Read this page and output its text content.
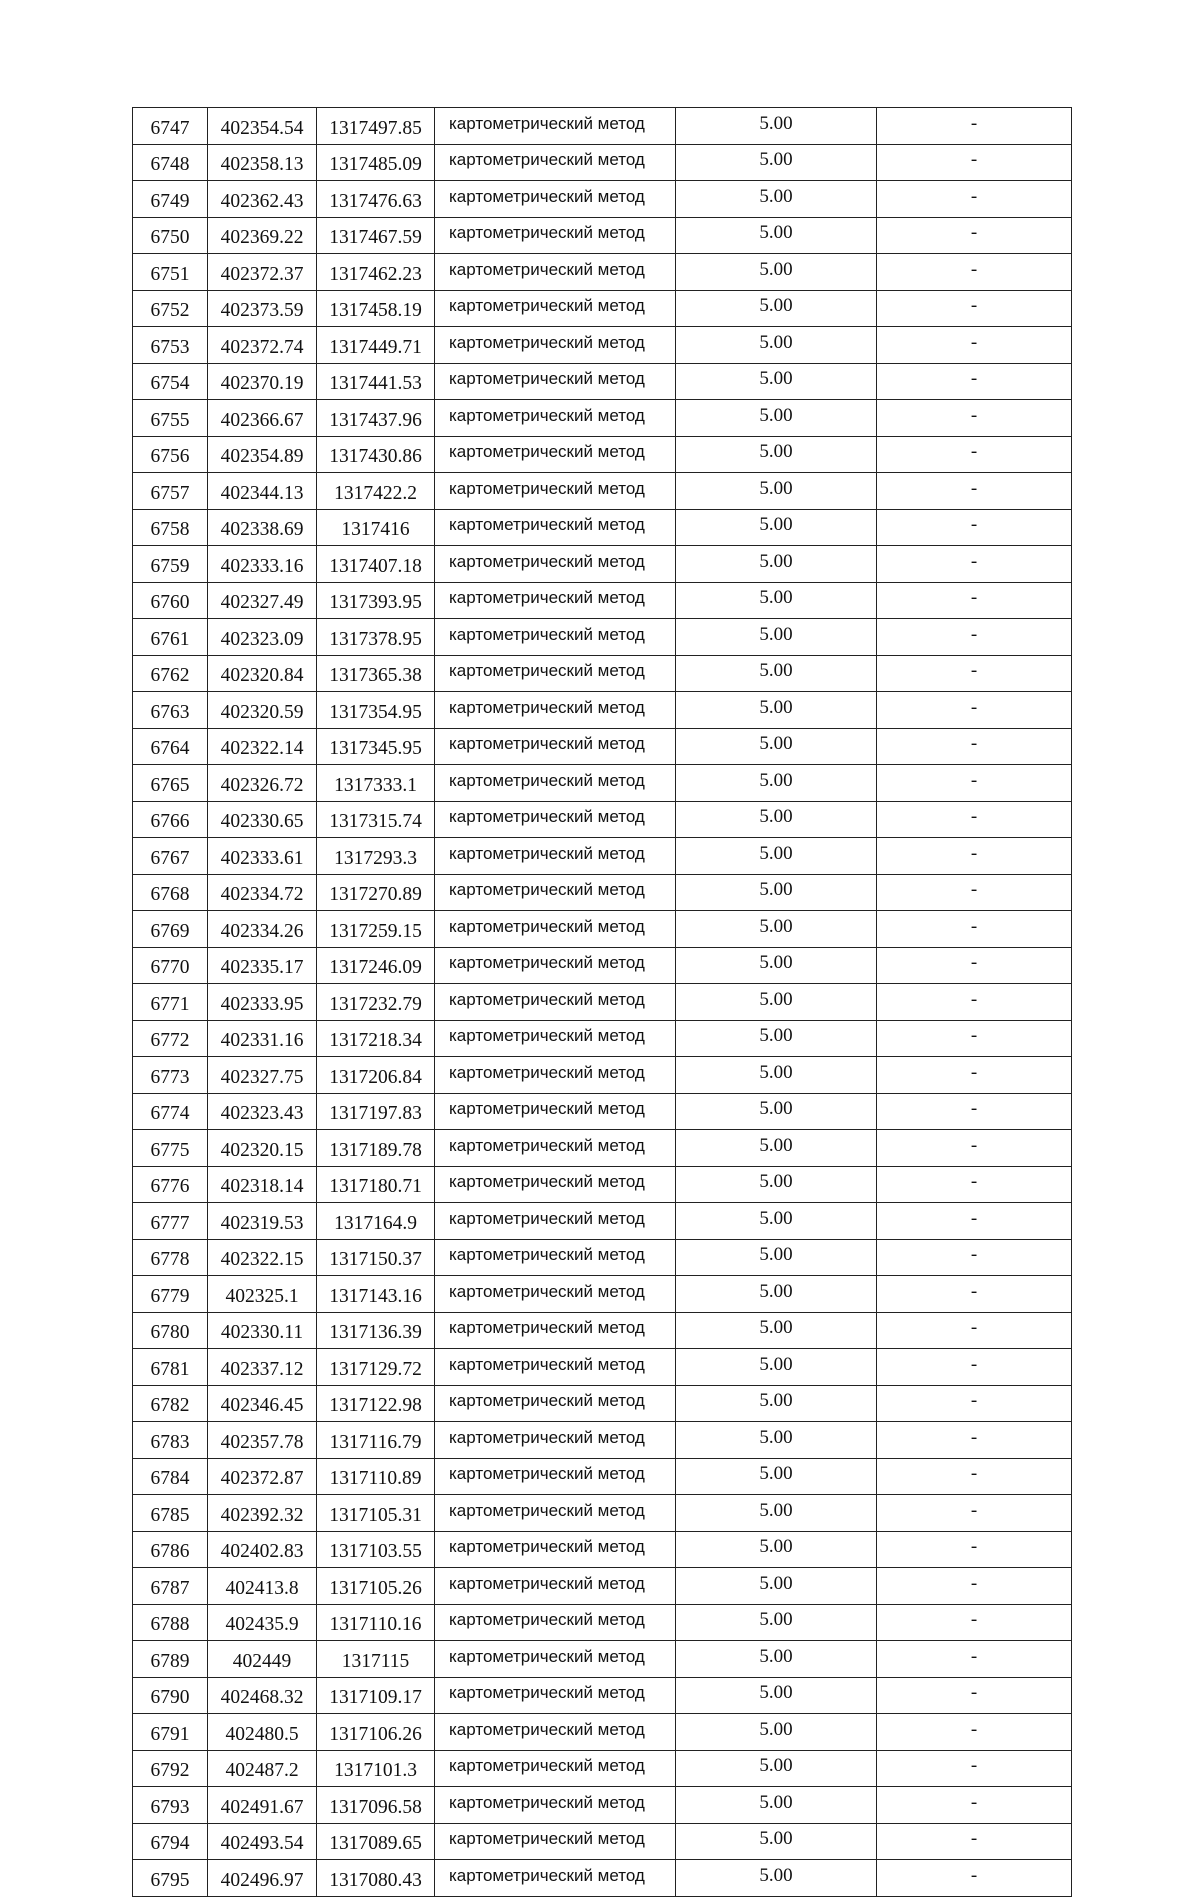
6747	402354.54	1317497.85	картометрический метод	5.00	-
6748	402358.13	1317485.09	картометрический метод	5.00	-
6749	402362.43	1317476.63	картометрический метод	5.00	-
6750	402369.22	1317467.59	картометрический метод	5.00	-
6751	402372.37	1317462.23	картометрический метод	5.00	-
6752	402373.59	1317458.19	картометрический метод	5.00	-
6753	402372.74	1317449.71	картометрический метод	5.00	-
6754	402370.19	1317441.53	картометрический метод	5.00	-
6755	402366.67	1317437.96	картометрический метод	5.00	-
6756	402354.89	1317430.86	картометрический метод	5.00	-
6757	402344.13	1317422.2	картометрический метод	5.00	-
6758	402338.69	1317416	картометрический метод	5.00	-
6759	402333.16	1317407.18	картометрический метод	5.00	-
6760	402327.49	1317393.95	картометрический метод	5.00	-
6761	402323.09	1317378.95	картометрический метод	5.00	-
6762	402320.84	1317365.38	картометрический метод	5.00	-
6763	402320.59	1317354.95	картометрический метод	5.00	-
6764	402322.14	1317345.95	картометрический метод	5.00	-
6765	402326.72	1317333.1	картометрический метод	5.00	-
6766	402330.65	1317315.74	картометрический метод	5.00	-
6767	402333.61	1317293.3	картометрический метод	5.00	-
6768	402334.72	1317270.89	картометрический метод	5.00	-
6769	402334.26	1317259.15	картометрический метод	5.00	-
6770	402335.17	1317246.09	картометрический метод	5.00	-
6771	402333.95	1317232.79	картометрический метод	5.00	-
6772	402331.16	1317218.34	картометрический метод	5.00	-
6773	402327.75	1317206.84	картометрический метод	5.00	-
6774	402323.43	1317197.83	картометрический метод	5.00	-
6775	402320.15	1317189.78	картометрический метод	5.00	-
6776	402318.14	1317180.71	картометрический метод	5.00	-
6777	402319.53	1317164.9	картометрический метод	5.00	-
6778	402322.15	1317150.37	картометрический метод	5.00	-
6779	402325.1	1317143.16	картометрический метод	5.00	-
6780	402330.11	1317136.39	картометрический метод	5.00	-
6781	402337.12	1317129.72	картометрический метод	5.00	-
6782	402346.45	1317122.98	картометрический метод	5.00	-
6783	402357.78	1317116.79	картометрический метод	5.00	-
6784	402372.87	1317110.89	картометрический метод	5.00	-
6785	402392.32	1317105.31	картометрический метод	5.00	-
6786	402402.83	1317103.55	картометрический метод	5.00	-
6787	402413.8	1317105.26	картометрический метод	5.00	-
6788	402435.9	1317110.16	картометрический метод	5.00	-
6789	402449	1317115	картометрический метод	5.00	-
6790	402468.32	1317109.17	картометрический метод	5.00	-
6791	402480.5	1317106.26	картометрический метод	5.00	-
6792	402487.2	1317101.3	картометрический метод	5.00	-
6793	402491.67	1317096.58	картометрический метод	5.00	-
6794	402493.54	1317089.65	картометрический метод	5.00	-
6795	402496.97	1317080.43	картометрический метод	5.00	-
